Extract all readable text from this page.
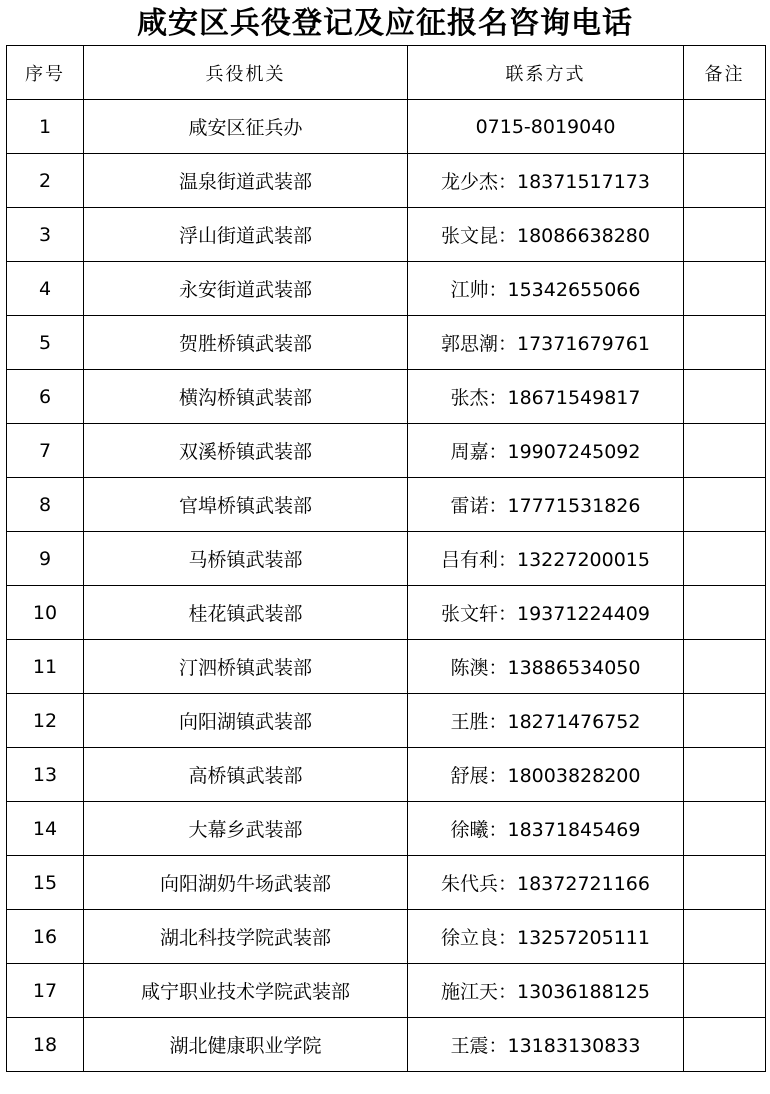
咸安区兵役登记及应征报名咨询电话
序号	兵役机关	联系方式	备注
1	咸安区征兵办	0715-8019040	
2	温泉街道武装部	龙少杰：18371517173	
3	浮山街道武装部	张文昆：18086638280	
4	永安街道武装部	江帅：15342655066	
5	贺胜桥镇武装部	郭思潮：17371679761	
6	横沟桥镇武装部	张杰：18671549817	
7	双溪桥镇武装部	周嘉：19907245092	
8	官埠桥镇武装部	雷诺：17771531826	
9	马桥镇武装部	吕有利：13227200015	
10	桂花镇武装部	张文轩：19371224409	
11	汀泗桥镇武装部	陈澳：13886534050	
12	向阳湖镇武装部	王胜：18271476752	
13	高桥镇武装部	舒展：18003828200	
14	大幕乡武装部	徐曦：18371845469	
15	向阳湖奶牛场武装部	朱代兵：18372721166	
16	湖北科技学院武装部	徐立良：13257205111	
17	咸宁职业技术学院武装部	施江天：13036188125	
18	湖北健康职业学院	王震：13183130833	
